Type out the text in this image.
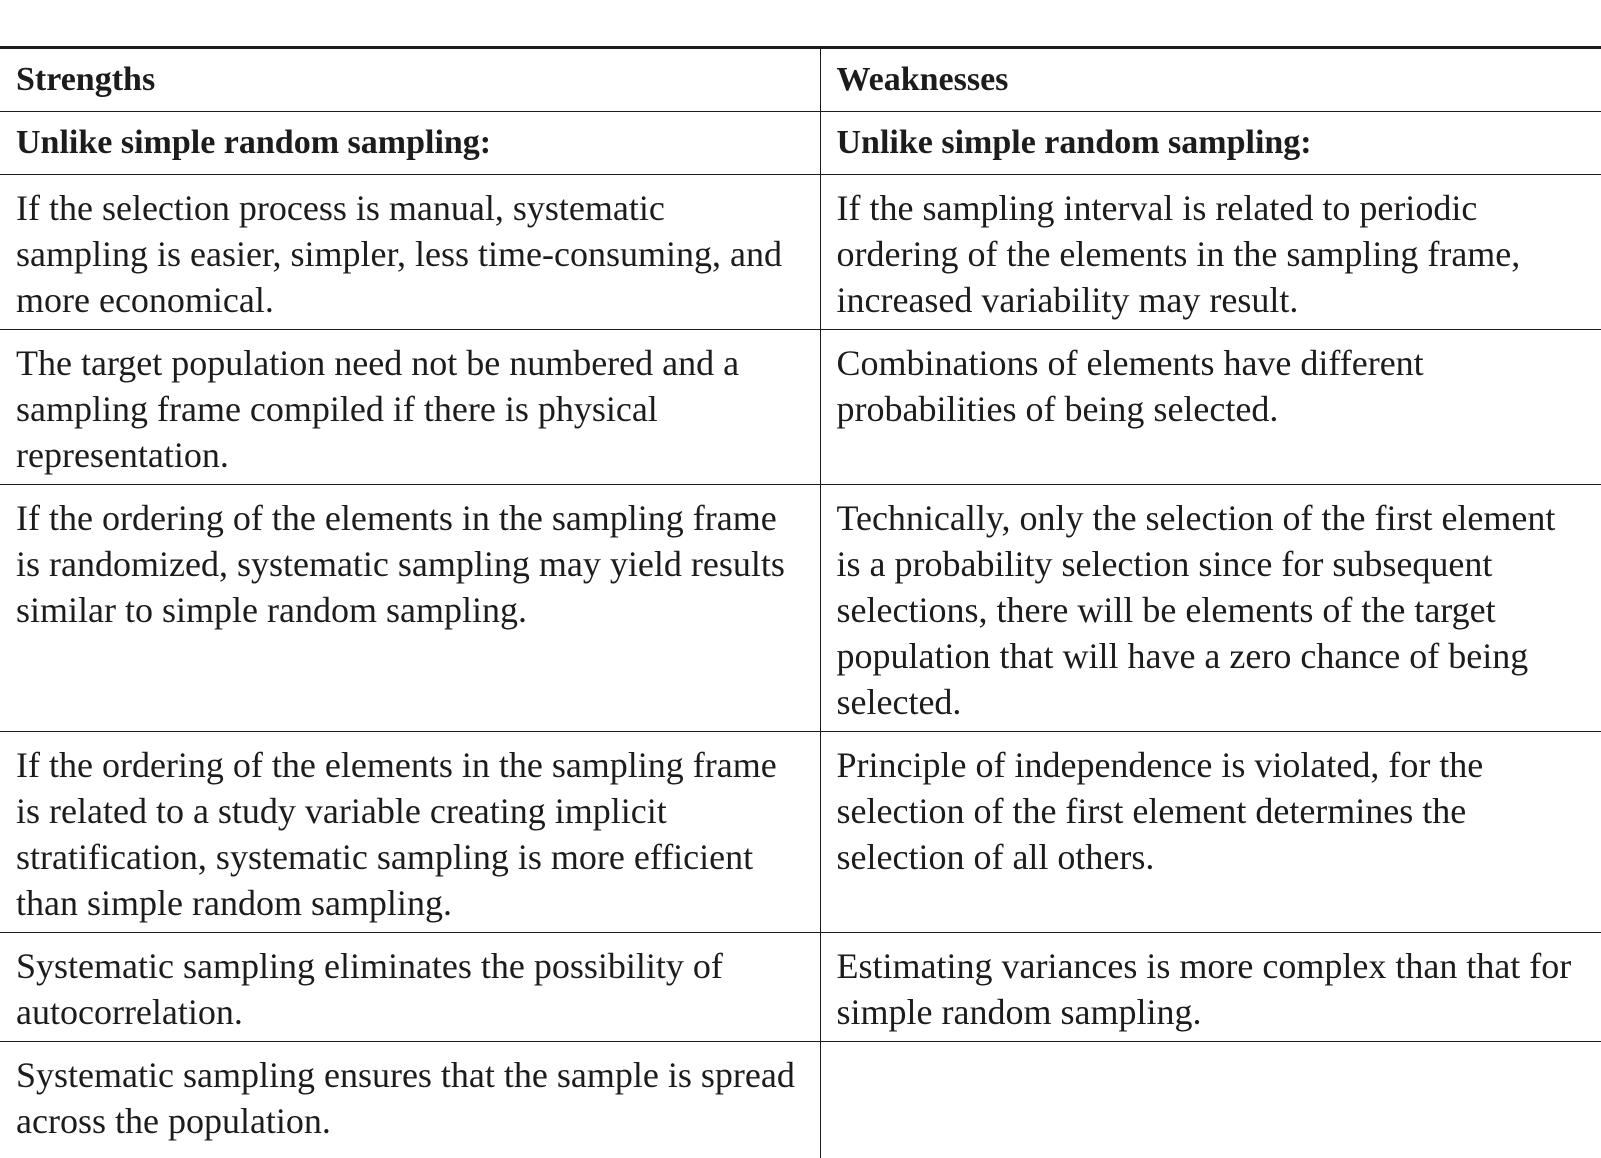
Strengths	Weaknesses
Unlike simple random sampling:	Unlike simple random sampling:
If the selection process is manual, systematic sampling is easier, simpler, less time-consuming, and more economical.	If the sampling interval is related to periodic ordering of the elements in the sampling frame, increased variability may result.
The target population need not be numbered and a sampling frame compiled if there is physical representation.	Combinations of elements have different probabilities of being selected.
If the ordering of the elements in the sampling frame is randomized, systematic sampling may yield results similar to simple random sampling.	Technically, only the selection of the first element is a probability selection since for subsequent selections, there will be elements of the target population that will have a zero chance of being selected.
If the ordering of the elements in the sampling frame is related to a study variable creating implicit stratification, systematic sampling is more efficient than simple random sampling.	Principle of independence is violated, for the selection of the first element determines the selection of all others.
Systematic sampling eliminates the possibility of autocorrelation.	Estimating variances is more complex than that for simple random sampling.
Systematic sampling ensures that the sample is spread across the population.	
